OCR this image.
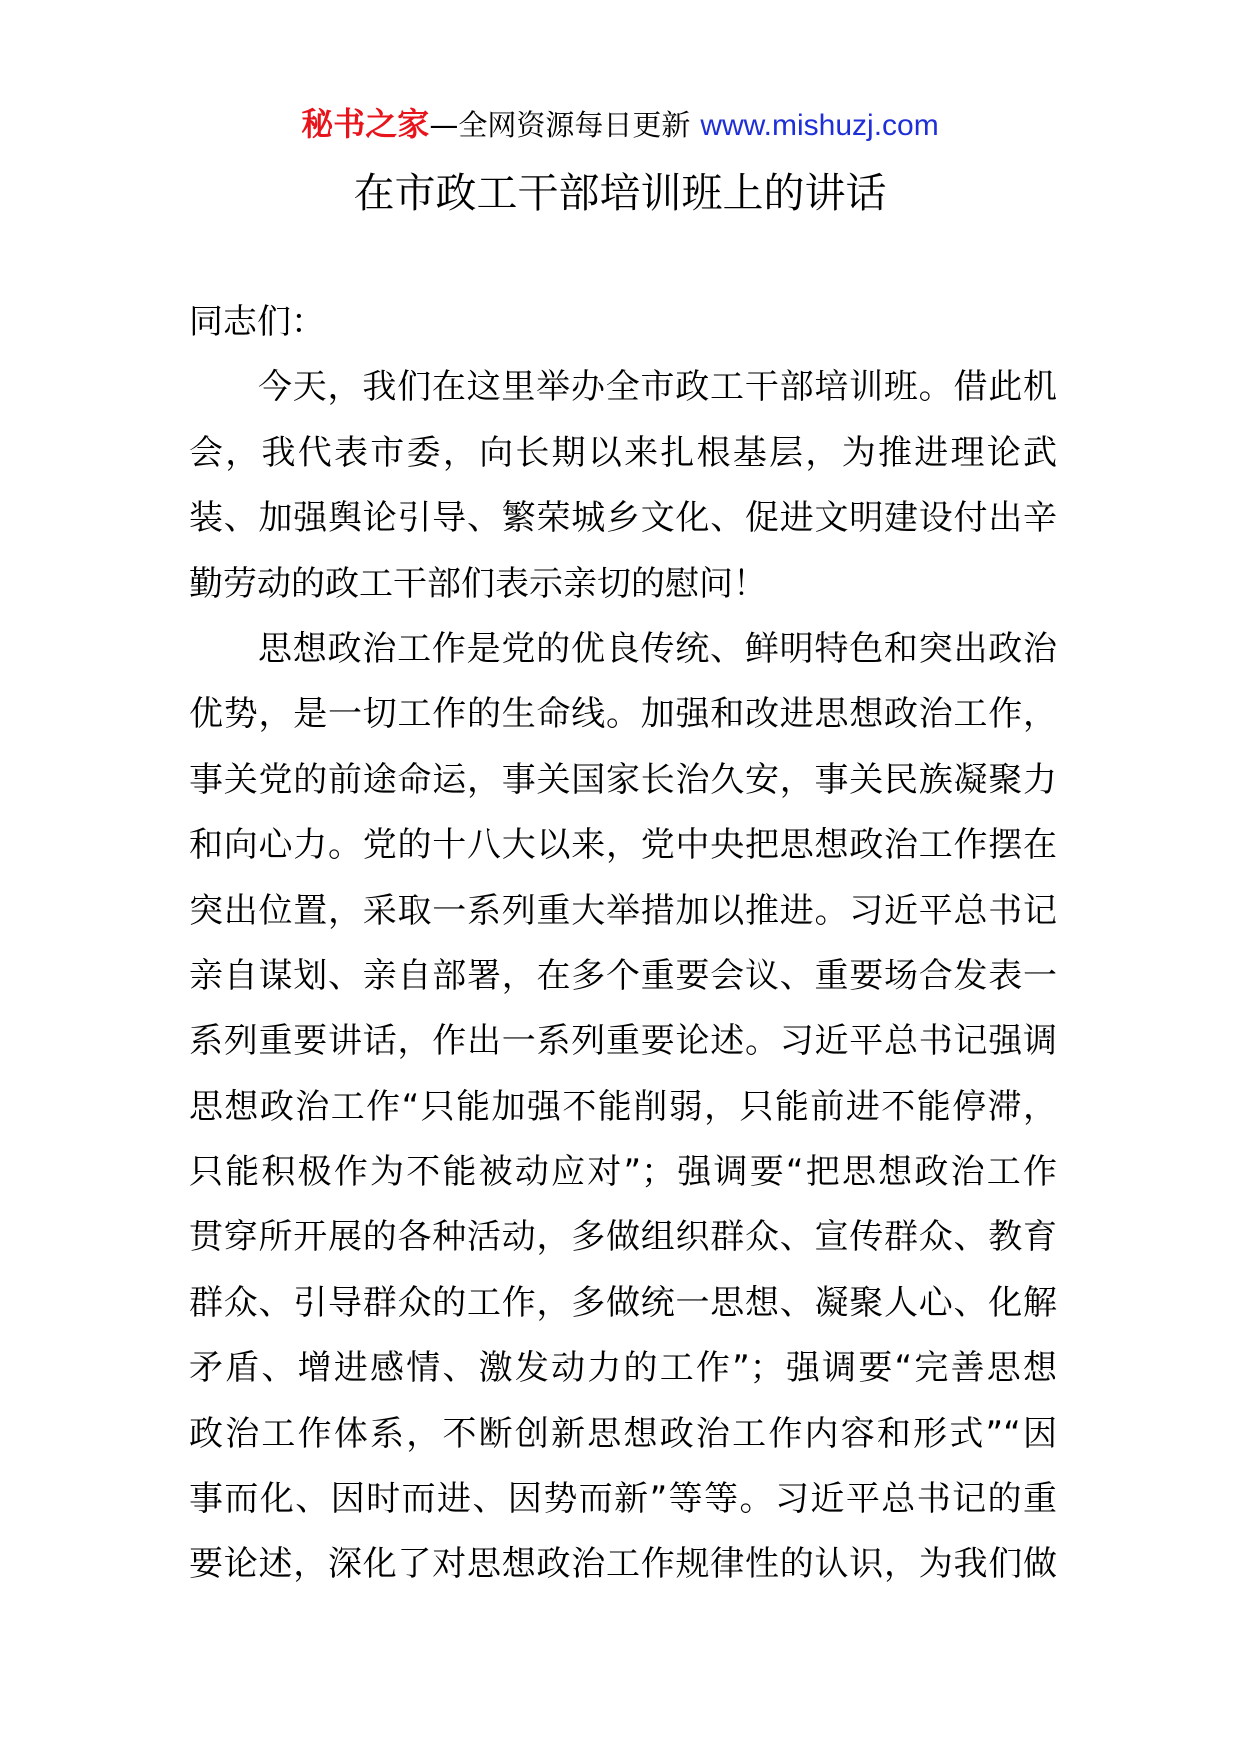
秘书之家—全网资源每日更新 www.mishuzj.com
在市政工干部培训班上的讲话
同志们：
今天，我们在这里举办全市政工干部培训班。借此机
会，我代表市委，向长期以来扎根基层，为推进理论武
装、加强舆论引导、繁荣城乡文化、促进文明建设付出辛
勤劳动的政工干部们表示亲切的慰问！
思想政治工作是党的优良传统、鲜明特色和突出政治
优势，是一切工作的生命线。加强和改进思想政治工作，
事关党的前途命运，事关国家长治久安，事关民族凝聚力
和向心力。党的十八大以来，党中央把思想政治工作摆在
突出位置，采取一系列重大举措加以推进。习近平总书记
亲自谋划、亲自部署，在多个重要会议、重要场合发表一
系列重要讲话，作出一系列重要论述。习近平总书记强调
思想政治工作“只能加强不能削弱，只能前进不能停滞，
只能积极作为不能被动应对”；强调要“把思想政治工作
贯穿所开展的各种活动，多做组织群众、宣传群众、教育
群众、引导群众的工作，多做统一思想、凝聚人心、化解
矛盾、增进感情、激发动力的工作”；强调要“完善思想
政治工作体系，不断创新思想政治工作内容和形式”“因
事而化、因时而进、因势而新”等等。习近平总书记的重
要论述，深化了对思想政治工作规律性的认识，为我们做
